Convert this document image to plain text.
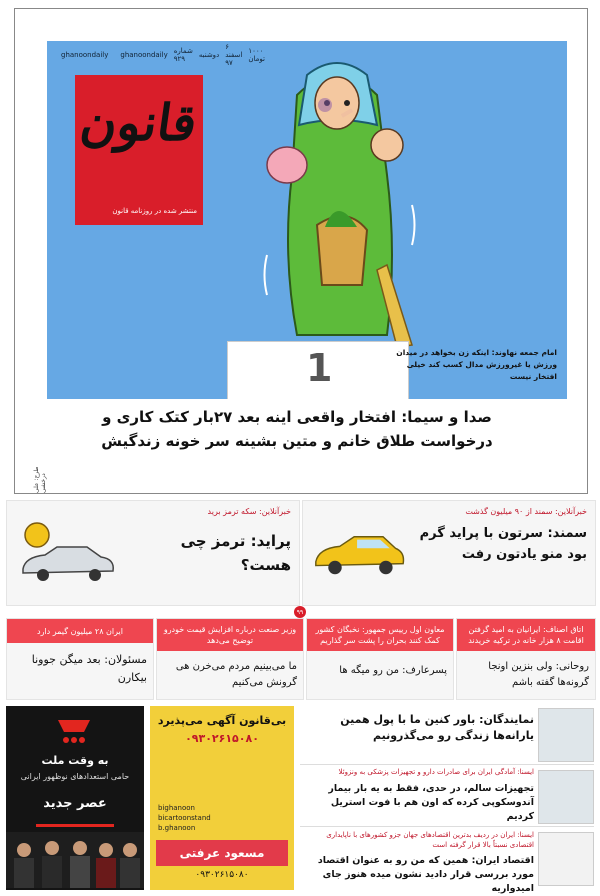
ghanoondaily ghanoondaily شماره ۹۲۹	دوشنبه
۶ اسفند ۹۷
۱۰۰۰ تومان
قانون
منتشر شده در روزنامه قانون
1	امام جمعه نهاوند: اینکه زن بخواهد در میدان ورزش یا غیرورزش مدال کسب کند خیلی افتخار نیست
صدا و سیما: افتخار واقعی اینه بعد ۲۷بار کتک کاری و درخواست طلاق خانم و متین بشینه سر خونه زندگیش
طرح: علی درخشی
خبرآنلاین: سمند از ۹۰ میلیون گذشت
سمند: سرتون با پراید گرم بود منو یادتون رفت
خبرآنلاین: سکه ترمز برید
پراید: ترمز چی هست؟
۹۹
اتاق اصناف: ایرانیان به امید گرفتن اقامت ۸ هزار خانه در ترکیه خریدند
روحانی: ولی بنزین اونجا گرونه‌ها گفته باشم
معاون اول رییس جمهور: نخبگان کشور کمک کنند بحران را پشت سر گذاریم
پسرعارف: من رو میگه ها
وزیر صنعت درباره افزایش قیمت خودرو توضیح می‌دهد
ما می‌بینیم مردم می‌خرن هی گرونش می‌کنیم
ایران ۲۸ میلیون گیمر دارد
مسئولان: بعد میگن جوونا بیکارن
به وقت ملت
حامی استعدادهای نوظهور ایرانی
عصر جدید
بی‌قانون آگهی می‌پذیرد
۰۹۳۰۲۶۱۵۰۸۰
bighanoon
bicartoonstand
b.ghanoon
مسعود عرفتی
۰۹۳۰۲۶۱۵۰۸۰
نمایندگان: باور کنین ما با پول همین یارانه‌ها زندگی رو می‌گذرونیم
ایسنا: آمادگی ایران برای صادرات دارو و تجهیزات پزشکی به ونزوئلا
تجهیزات سالم، در حدی، فقط به یه بار بیمار آندوسکوپی کرده که اون هم با فوت استریل کردیم
ایسنا: ایران در ردیف بدترین اقتصادهای جهان جزو کشورهای با ناپایداری اقتصادی نسبتاً بالا قرار گرفته است
اقتصاد ایران: همین که من رو به عنوان اقتصاد مورد بررسی قرار دادید نشون میده هنوز جای امیدواریه
